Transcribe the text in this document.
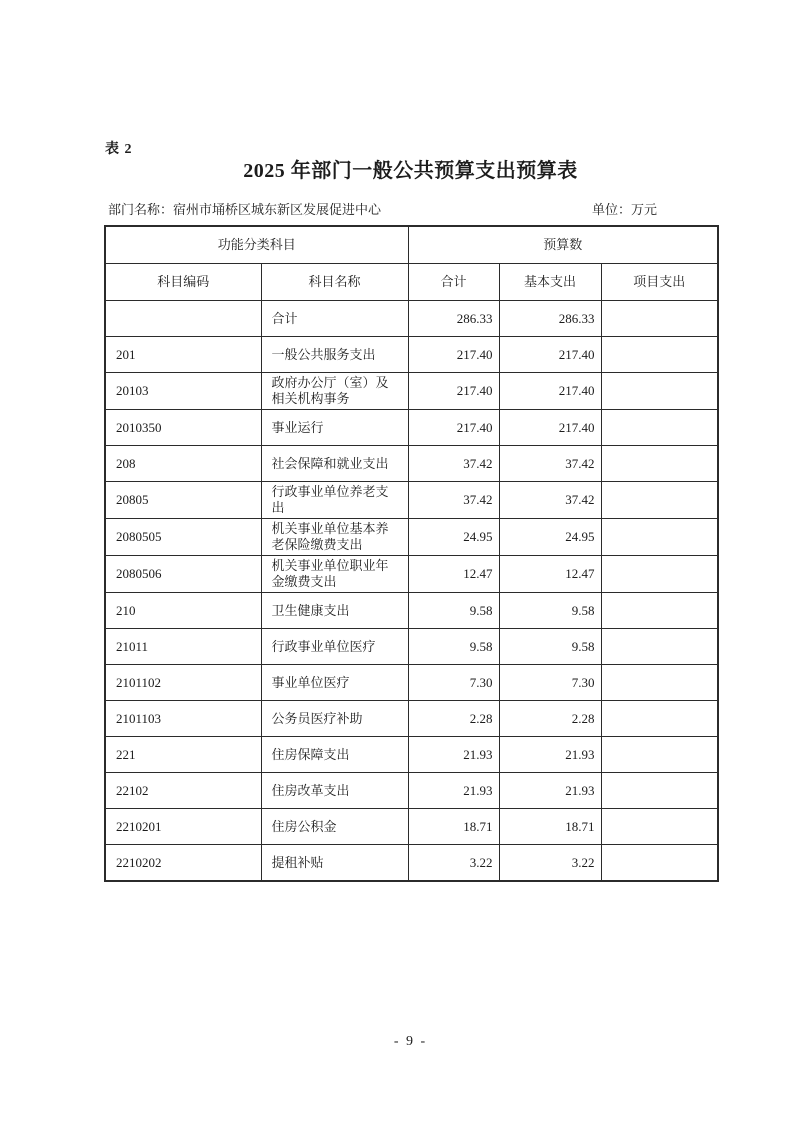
表 2
2025 年部门一般公共预算支出预算表
部门名称：宿州市埇桥区城东新区发展促进中心	单位：万元
功能分类科目		预算数		
科目编码	科目名称	合计	基本支出	项目支出
	合计	286.33	286.33	
201	一般公共服务支出	217.40	217.40	
20103	政府办公厅（室）及相关机构事务	217.40	217.40	
2010350	事业运行	217.40	217.40	
208	社会保障和就业支出	37.42	37.42	
20805	行政事业单位养老支出	37.42	37.42	
2080505	机关事业单位基本养老保险缴费支出	24.95	24.95	
2080506	机关事业单位职业年金缴费支出	12.47	12.47	
210	卫生健康支出	9.58	9.58	
21011	行政事业单位医疗	9.58	9.58	
2101102	事业单位医疗	7.30	7.30	
2101103	公务员医疗补助	2.28	2.28	
221	住房保障支出	21.93	21.93	
22102	住房改革支出	21.93	21.93	
2210201	住房公积金	18.71	18.71	
2210202	提租补贴	3.22	3.22	
- 9 -
